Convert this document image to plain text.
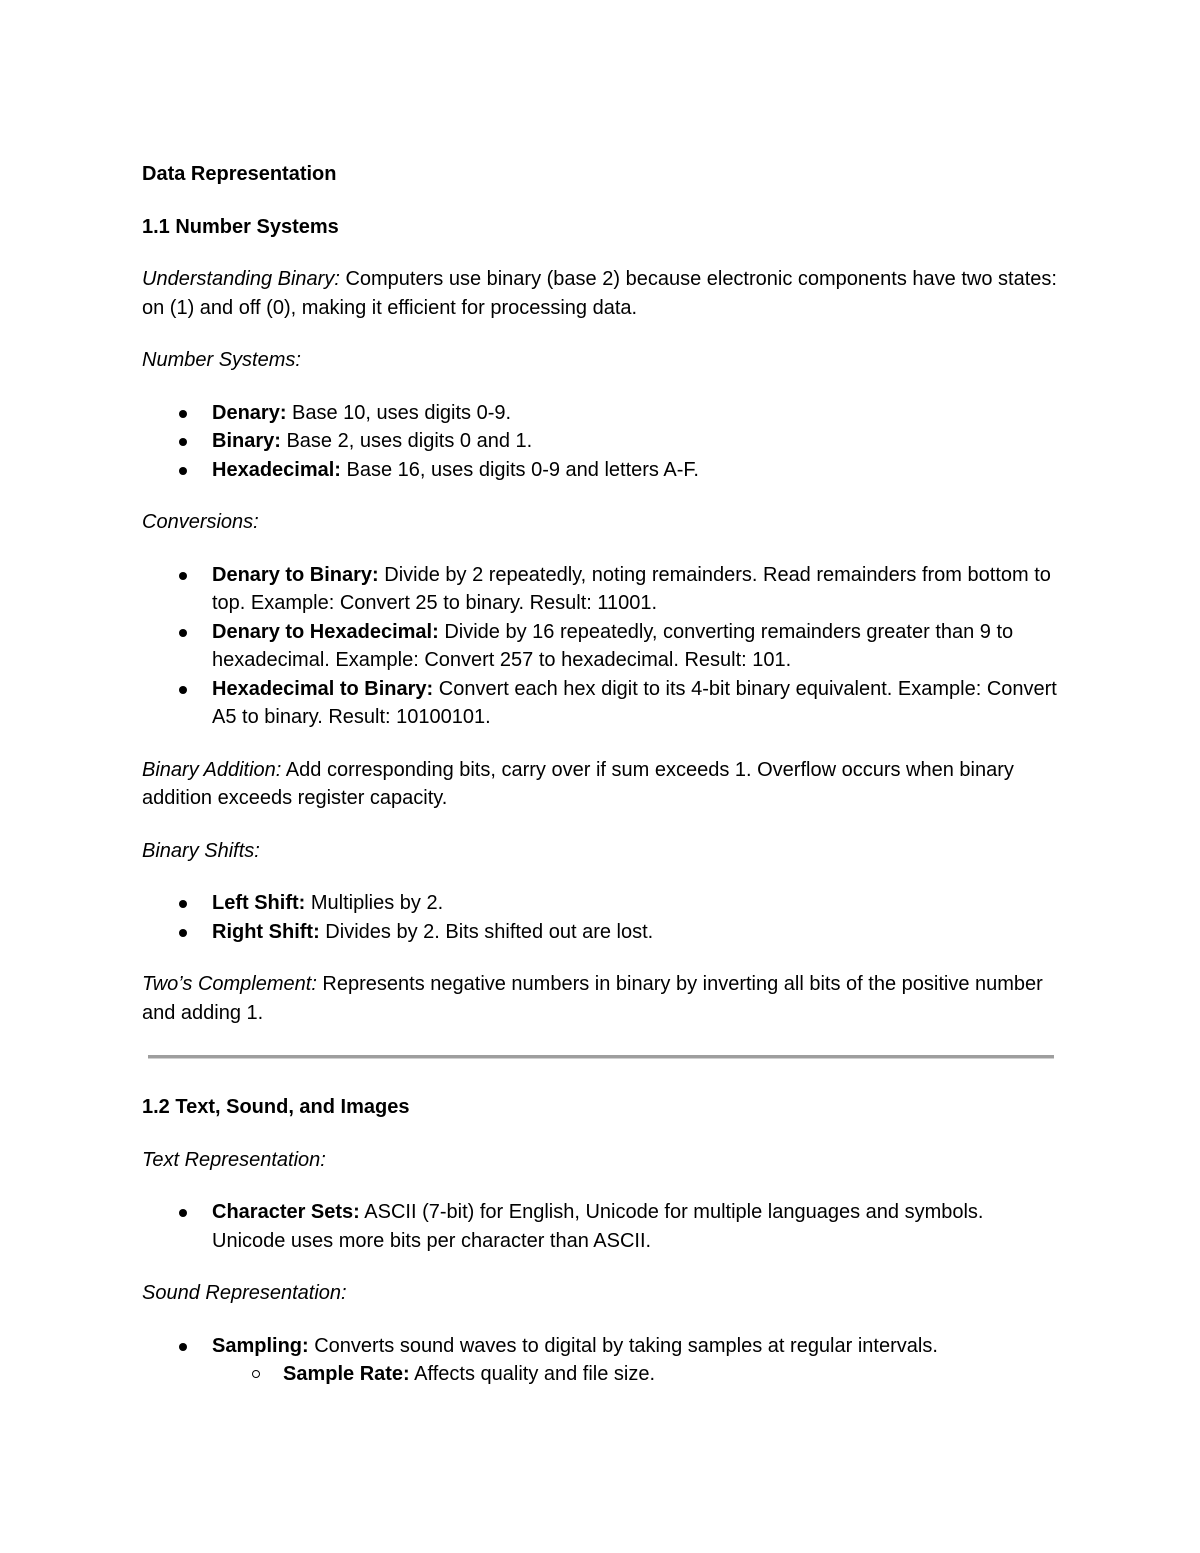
Data Representation
1.1 Number Systems

Understanding Binary: Computers use binary (base 2) because electronic components have two states: on (1) and off (0), making it efficient for processing data.

Number Systems:

Denary: Base 10, uses digits 0-9.
Binary: Base 2, uses digits 0 and 1.
Hexadecimal: Base 16, uses digits 0-9 and letters A-F.

Conversions:

Denary to Binary: Divide by 2 repeatedly, noting remainders. Read remainders from bottom to top. Example: Convert 25 to binary. Result: 11001.
Denary to Hexadecimal: Divide by 16 repeatedly, converting remainders greater than 9 to hexadecimal. Example: Convert 257 to hexadecimal. Result: 101.
Hexadecimal to Binary: Convert each hex digit to its 4-bit binary equivalent. Example: Convert A5 to binary. Result: 10100101.

Binary Addition: Add corresponding bits, carry over if sum exceeds 1. Overflow occurs when binary addition exceeds register capacity.

Binary Shifts:

Left Shift: Multiplies by 2.
Right Shift: Divides by 2. Bits shifted out are lost.

Two’s Complement: Represents negative numbers in binary by inverting all bits of the positive number and adding 1.

1.2 Text, Sound, and Images

Text Representation:

Character Sets: ASCII (7-bit) for English, Unicode for multiple languages and symbols. Unicode uses more bits per character than ASCII.

Sound Representation:

Sampling: Converts sound waves to digital by taking samples at regular intervals.
Sample Rate: Affects quality and file size.
